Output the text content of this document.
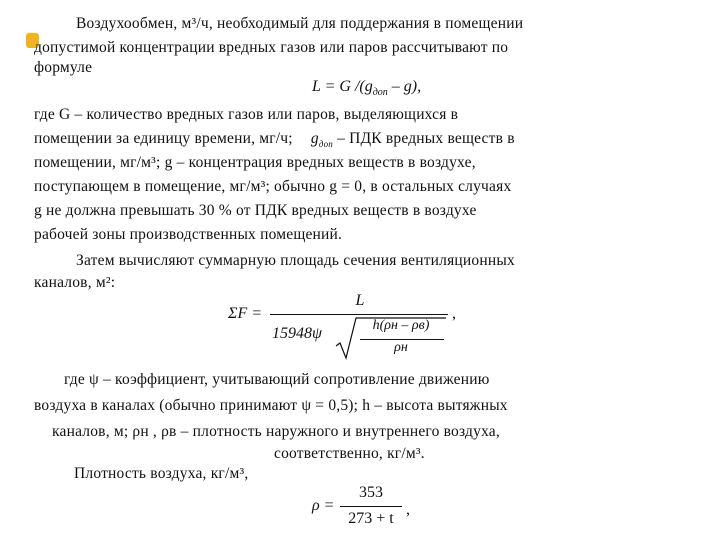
Воздухообмен, м³/ч, необходимый для поддержания в помещении
допустимой концентрации вредных газов или паров рассчитывают по
формуле
L = G $/(g_{доп} - g)$,
где G – количество вредных газов или паров, выделяющихся в
помещении за единицу времени, мг/ч; $g_{доп}$ – ПДК вредных веществ в
помещении, мг/м³; g – концентрация вредных веществ в воздухе,
поступающем в помещение, мг/м³; обычно g = 0, в остальных случаях
g не должна превышать 30 % от ПДК вредных веществ в воздухе
рабочей зоны производственных помещений.
Затем вычисляют суммарную площадь сечения вентиляционных
каналов, м²:
ΣF =
L
15948ψ	h(ρн – ρв)
ρн
,
где ψ – коэффициент, учитывающий сопротивление движению
воздуха в каналах (обычно принимают ψ = 0,5); h – высота вытяжных
каналов, м; ρн , ρв – плотность наружного и внутреннего воздуха,
соответственно, кг/м³.
Плотность воздуха, кг/м³,
ρ =
353
273 + t
,
